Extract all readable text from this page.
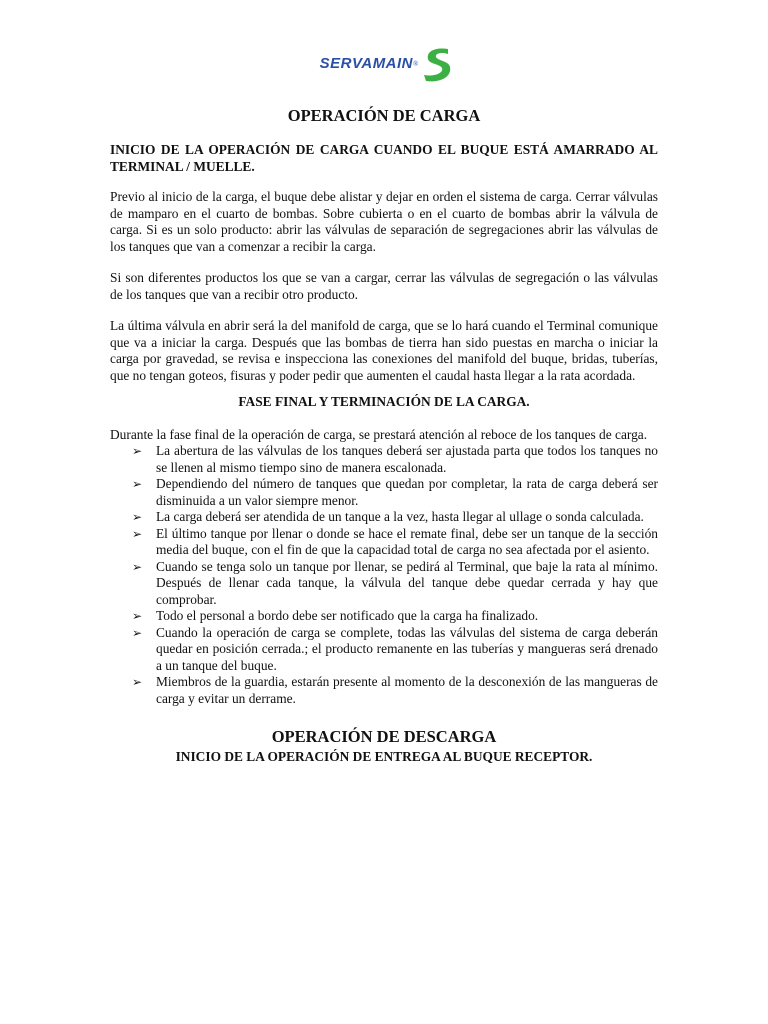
SERVAMAIN ®
OPERACIÓN DE CARGA
INICIO DE LA OPERACIÓN DE CARGA CUANDO EL BUQUE ESTÁ AMARRADO AL TERMINAL / MUELLE.

Previo al inicio de la carga, el buque debe alistar y dejar en orden el sistema de carga. Cerrar válvulas de mamparo en el cuarto de bombas. Sobre cubierta o en el cuarto de bombas abrir la válvula de carga. Si es un solo producto: abrir las válvulas de separación de segregaciones abrir las válvulas de los tanques que van a comenzar a recibir la carga.

Si son diferentes productos los que se van a cargar, cerrar las válvulas de segregación o las válvulas de los tanques que van a recibir otro producto.

La última válvula en abrir será la del manifold de carga, que se lo hará cuando el Terminal comunique que va a iniciar la carga. Después que las bombas de tierra han sido puestas en marcha o iniciar la carga por gravedad, se revisa e inspecciona las conexiones del manifold del buque, bridas, tuberías, que no tengan goteos, fisuras y poder pedir que aumenten el caudal hasta llegar a la rata acordada.

FASE FINAL Y TERMINACIÓN DE LA CARGA.
Durante la fase final de la operación de carga, se prestará atención al reboce de los tanques de carga.
➢ La abertura de las válvulas de los tanques deberá ser ajustada parta que todos los tanques no se llenen al mismo tiempo sino de manera escalonada.
➢ Dependiendo del número de tanques que quedan por completar, la rata de carga deberá ser disminuida a un valor siempre menor.
➢ La carga deberá ser atendida de un tanque a la vez, hasta llegar al ullage o sonda calculada.
➢ El último tanque por llenar o donde se hace el remate final, debe ser un tanque de la sección media del buque, con el fin de que la capacidad total de carga no sea afectada por el asiento.
➢ Cuando se tenga solo un tanque por llenar, se pedirá al Terminal, que baje la rata al mínimo. Después de llenar cada tanque, la válvula del tanque debe quedar cerrada y hay que comprobar.
➢ Todo el personal a bordo debe ser notificado que la carga ha finalizado.
➢ Cuando la operación de carga se complete, todas las válvulas del sistema de carga deberán quedar en posición cerrada.; el producto remanente en las tuberías y mangueras será drenado a un tanque del buque.
➢ Miembros de la guardia, estarán presente al momento de la desconexión de las mangueras de carga y evitar un derrame.
OPERACIÓN DE DESCARGA
INICIO DE LA OPERACIÓN DE ENTREGA AL BUQUE RECEPTOR.
